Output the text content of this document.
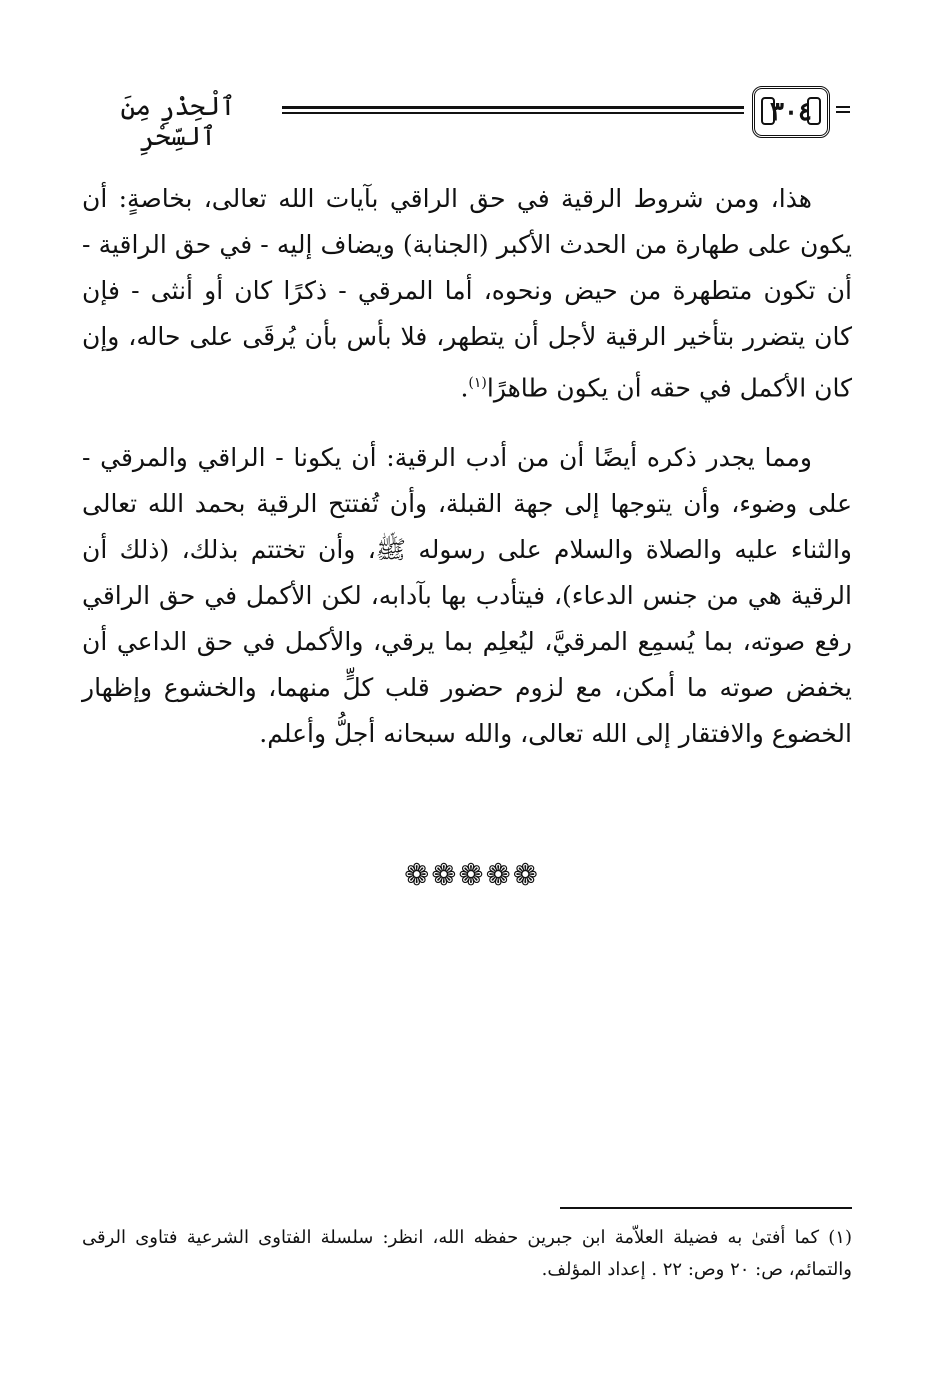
٣٠٤
ٱلْحِذْرِ مِنَ ٱلسِّحْرِ

هذا، ومن شروط الرقية في حق الراقي بآيات الله تعالى، بخاصةٍ: أن يكون على طهارة من الحدث الأكبر (الجنابة) ويضاف إليه - في حق الراقية - أن تكون متطهرة من حيض ونحوه، أما المرقي - ذكرًا كان أو أنثى - فإن كان يتضرر بتأخير الرقية لأجل أن يتطهر، فلا بأس بأن يُرقَى على حاله، وإن كان الأكمل في حقه أن يكون طاهرًا$^{(١)}$.

ومما يجدر ذكره أيضًا أن من أدب الرقية: أن يكونا - الراقي والمرقي - على وضوء، وأن يتوجها إلى جهة القبلة، وأن تُفتتح الرقية بحمد الله تعالى والثناء عليه والصلاة والسلام على رسوله ﷺ، وأن تختتم بذلك، (ذلك أن الرقية هي من جنس الدعاء)، فيتأدب بها بآدابه، لكن الأكمل في حق الراقي رفع صوته، بما يُسمِع المرقيَّ، ليُعلِم بما يرقي، والأكمل في حق الداعي أن يخفض صوته ما أمكن، مع لزوم حضور قلب كلٍّ منهما، والخشوع وإظهار الخضوع والافتقار إلى الله تعالى، والله سبحانه أجلُّ وأعلم.

❁❁❁❁❁
(١) كما أفتىٰ به فضيلة العلاّمة ابن جبرين حفظه الله، انظر: سلسلة الفتاوى الشرعية فتاوى الرقى والتمائم، ص: ٢٠ وص: ٢٢ . إعداد المؤلف.
